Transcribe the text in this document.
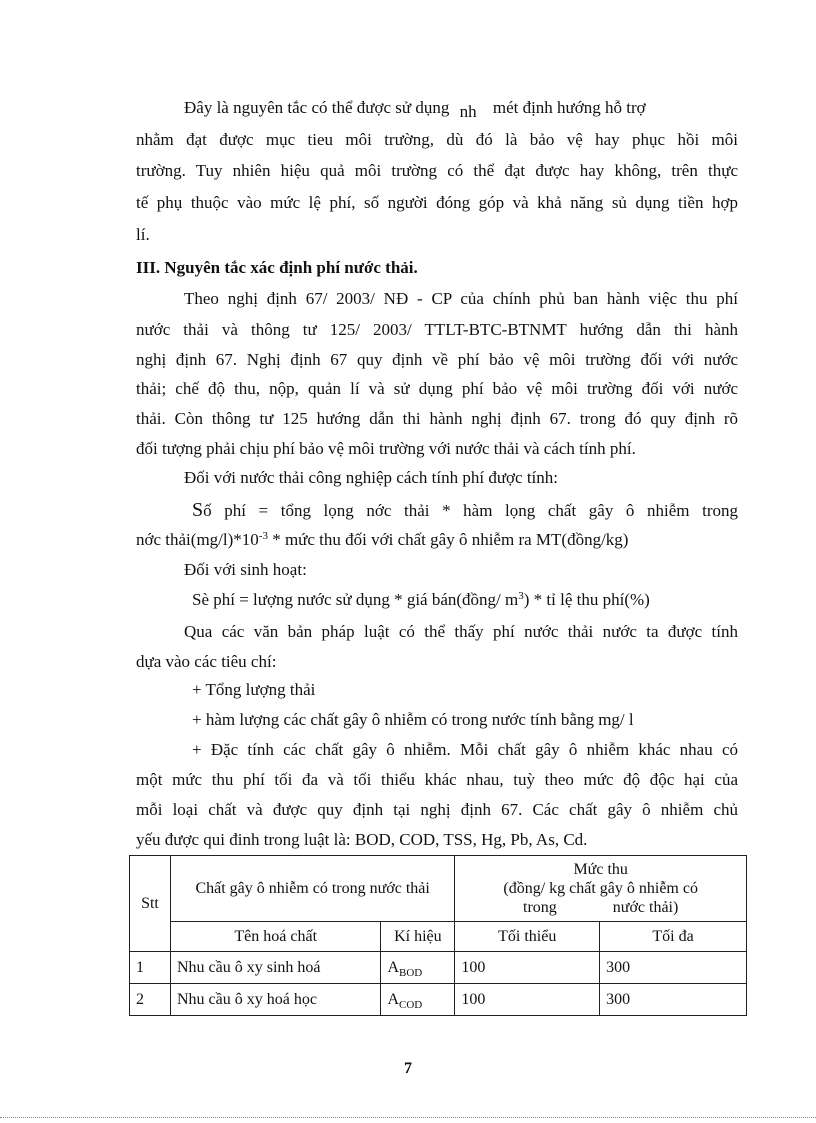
Đây là nguyên tắc có thể được sử dụng nh mét định hướng hỗ trợ
nhằm đạt được mục tieu môi trường, dù đó là bảo vệ hay phục hồi môi
trường. Tuy nhiên hiệu quả môi trường có thể đạt được hay không, trên thực
tế phụ thuộc vào mức lệ phí, số người đóng góp và khả năng sủ dụng tiền hợp
lí.
III. Nguyên tắc xác định phí nước thải.
Theo nghị định 67/ 2003/ NĐ - CP của chính phủ ban hành việc thu phí
nước thải và thông tư 125/ 2003/ TTLT-BTC-BTNMT hướng dẫn thi hành
nghị định 67. Nghị định 67 quy định về phí bảo vệ môi trường đối với nước
thải; chế độ thu, nộp, quản lí và sử dụng phí bảo vệ môi trường đối với nước
thải. Còn thông tư 125 hướng dẫn thi hành nghị định 67. trong đó quy định rõ
đối tượng phải chịu phí bảo vệ môi trường với nước thải và cách tính phí.
Đối với nước thải công nghiệp cách tính phí được tính:
Số phí = tổng lọng nớc thải * hàm lọng chất gây ô nhiễm trong
nớc $thải(mg/l)*10^{-3}$ * mức thu đối với chất gây ô nhiễm ra MT(đồng/kg)
Đối với sinh hoạt:
Sè phí = lượng nước sử dụng * giá bán(đồng/ $m^3$) * tỉ lệ thu phí(%)
Qua các văn bản pháp luật có thể thấy phí nước thải nước ta được tính
dựa vào các tiêu chí:
+ Tổng lượng thải
+ hàm lượng các chất gây ô nhiễm có trong nước tính bằng mg/ l
+ Đặc tính các chất gây ô nhiễm. Mỗi chất gây ô nhiễm khác nhau có
một mức thu phí tối đa và tối thiểu khác nhau, tuỳ theo mức độ độc hại của
mỗi loại chất và được quy định tại nghị định 67. Các chất gây ô nhiễm chủ
yếu được qui đinh trong luật là: BOD, COD, TSS, Hg, Pb, As, Cd.
Stt	Chất gây ô nhiễm có trong nước thải		Mức thu
(đồng/ kg chất gây ô nhiễm có
trong              nước thải)	

	Tên hoá chất	Kí hiệu	Tối thiểu	Tối đa
1	Nhu cầu ô xy sinh hoá	$A_{BOD}$	100	300
2	Nhu cầu ô xy hoá học	$A_{COD}$	100	300
7
